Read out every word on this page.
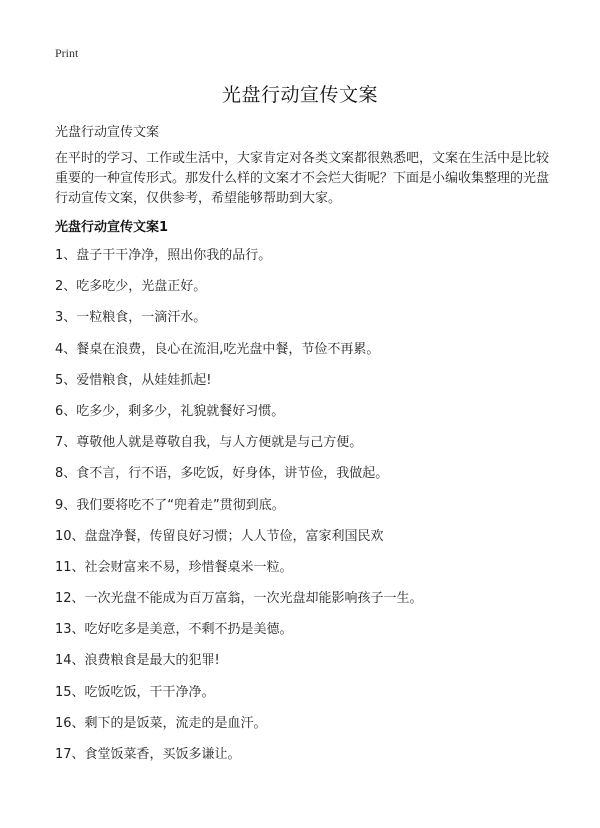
Print
光盘行动宣传文案
光盘行动宣传文案

在平时的学习、工作或生活中，大家肯定对各类文案都很熟悉吧，文案在生活中是比较重要的一种宣传形式。那发什么样的文案才不会烂大街呢？下面是小编收集整理的光盘行动宣传文案，仅供参考，希望能够帮助到大家。

光盘行动宣传文案1
1、盘子干干净净，照出你我的品行。
2、吃多吃少，光盘正好。
3、一粒粮食，一滴汗水。
4、餐桌在浪费，良心在流泪,吃光盘中餐，节俭不再累。
5、爱惜粮食，从娃娃抓起!
6、吃多少，剩多少，礼貌就餐好习惯。
7、尊敬他人就是尊敬自我，与人方便就是与己方便。
8、食不言，行不语，多吃饭，好身体，讲节俭，我做起。
9、我们要将吃不了“兜着走”贯彻到底。
10、盘盘净餐，传留良好习惯；人人节俭，富家利国民欢
11、社会财富来不易，珍惜餐桌米一粒。
12、一次光盘不能成为百万富翁，一次光盘却能影响孩子一生。
13、吃好吃多是美意，不剩不扔是美德。
14、浪费粮食是最大的犯罪!
15、吃饭吃饭，干干净净。
16、剩下的是饭菜，流走的是血汗。
17、食堂饭菜香，买饭多谦让。
